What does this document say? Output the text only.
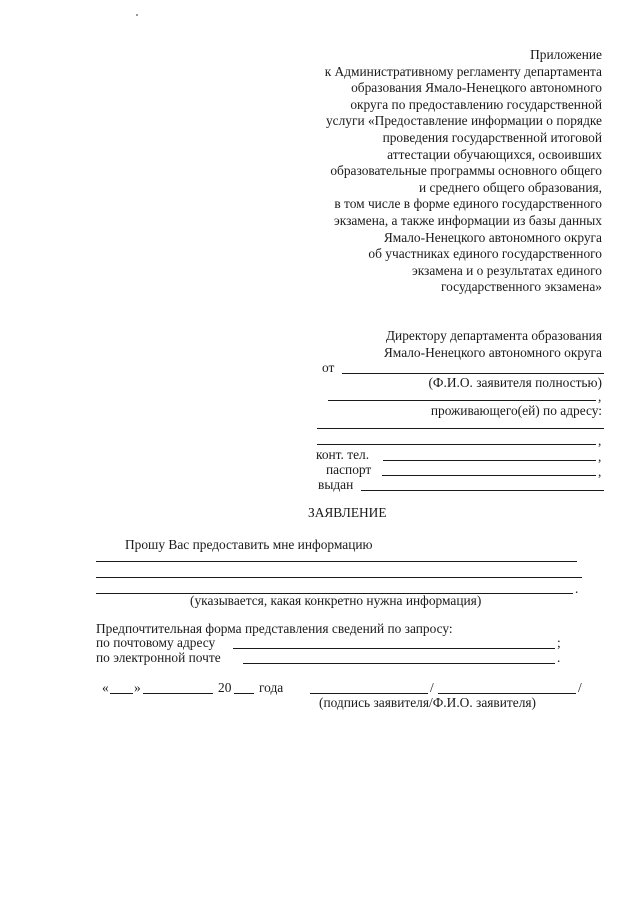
Приложение
к Административному регламенту департамента
образования Ямало-Ненецкого автономного
округа по предоставлению государственной
услуги «Предоставление информации о порядке
проведения государственной итоговой
аттестации обучающихся, освоивших
образовательные программы основного общего
и среднего общего образования,
в том числе в форме единого государственного
экзамена, а также информации из базы данных
Ямало-Ненецкого автономного округа
об участниках единого государственного
экзамена и о результатах единого
государственного экзамена»
Директору департамента образования
Ямало-Ненецкого автономного округа
от
(Ф.И.О. заявителя полностью)
,
проживающего(ей) по адресу:
,
конт. тел.	,
паспорт	,
выдан
ЗАЯВЛЕНИЕ
Прошу Вас предоставить мне информацию
.
(указывается, какая конкретно нужна информация)
Предпочтительная форма представления сведений по запросу:
по почтовому адресу	;
по электронной почте	.
« »	20 года	/	/
(подпись заявителя/Ф.И.О. заявителя)
